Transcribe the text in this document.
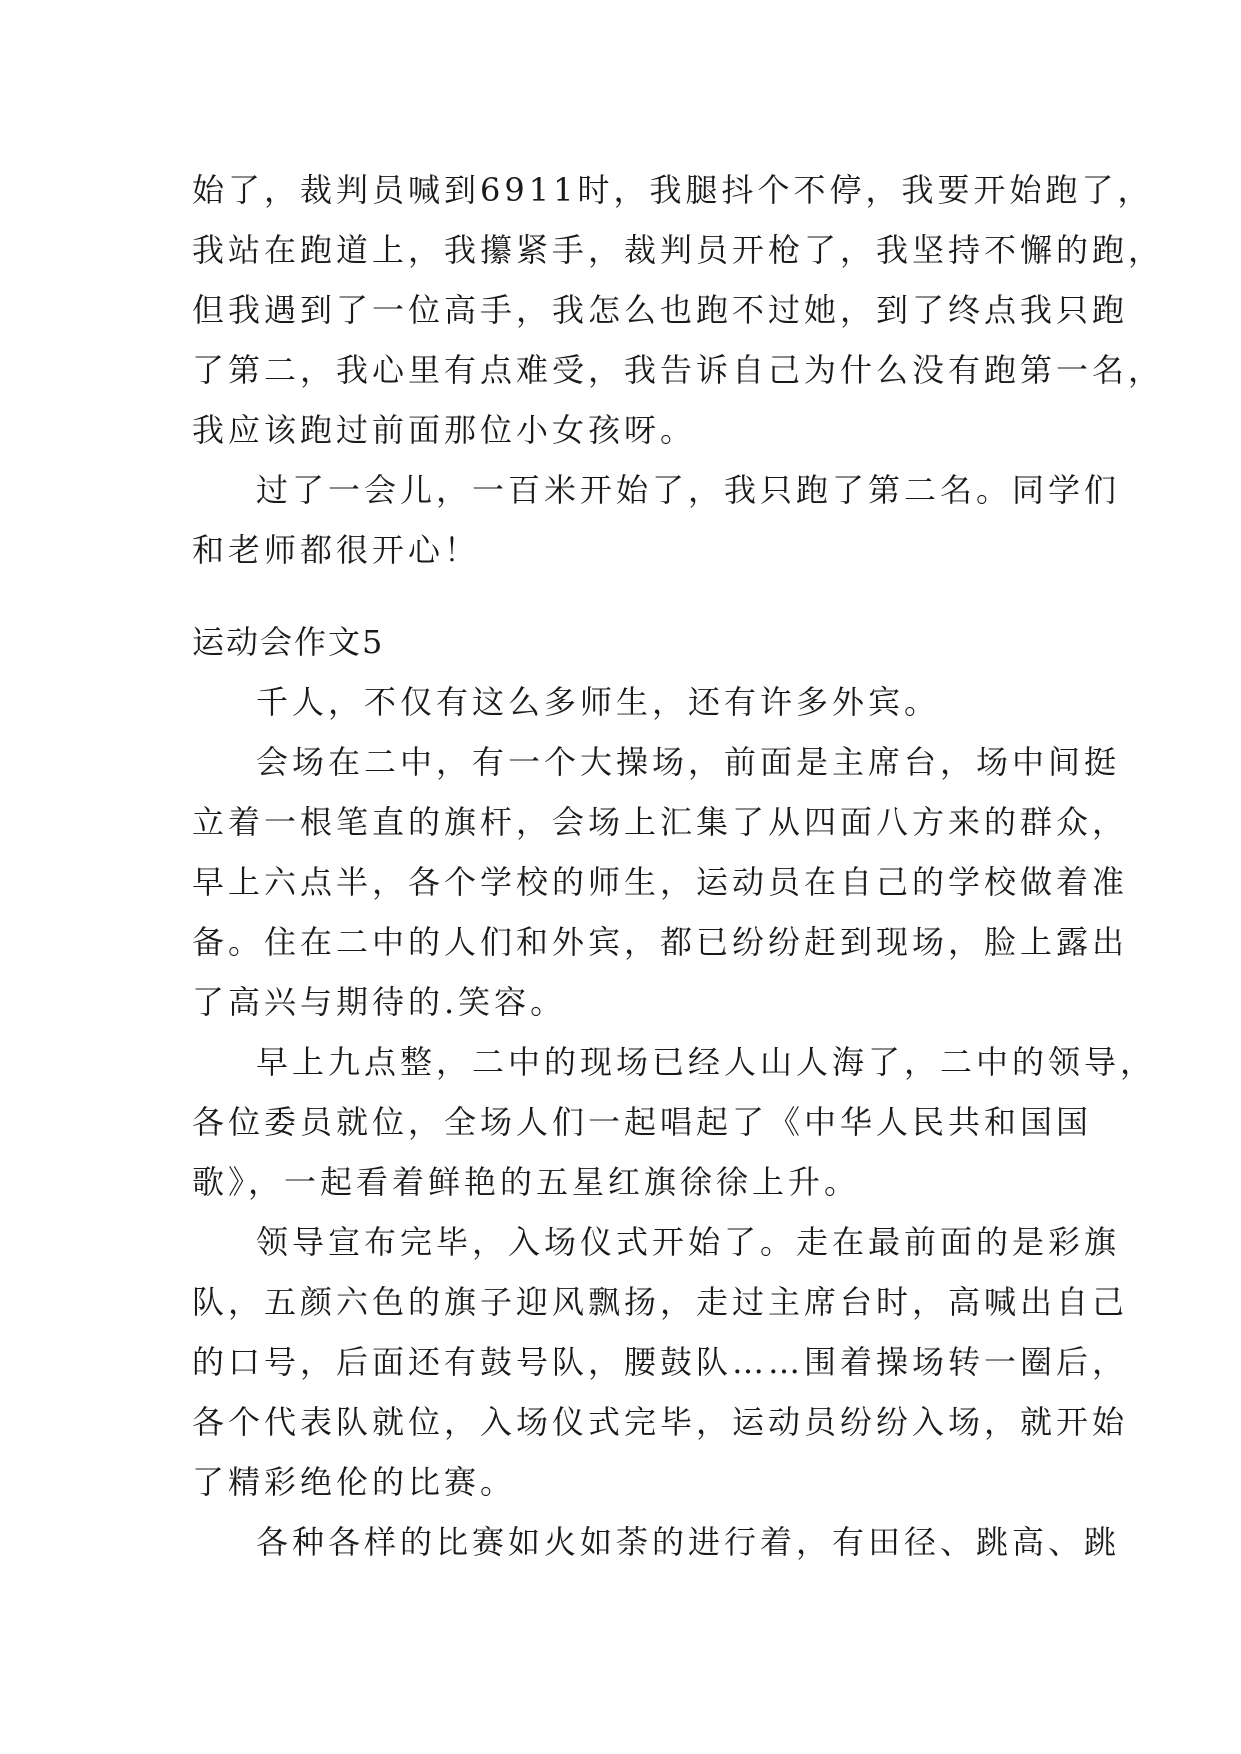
始了，裁判员喊到6911时，我腿抖个不停，我要开始跑了，
我站在跑道上，我攥紧手，裁判员开枪了，我坚持不懈的跑，
但我遇到了一位高手，我怎么也跑不过她，到了终点我只跑
了第二，我心里有点难受，我告诉自己为什么没有跑第一名，
我应该跑过前面那位小女孩呀。
过了一会儿，一百米开始了，我只跑了第二名。同学们
和老师都很开心！
运动会作文5
千人，不仅有这么多师生，还有许多外宾。
会场在二中，有一个大操场，前面是主席台，场中间挺
立着一根笔直的旗杆，会场上汇集了从四面八方来的群众，
早上六点半，各个学校的师生，运动员在自己的学校做着准
备。住在二中的人们和外宾，都已纷纷赶到现场，脸上露出
了高兴与期待的.笑容。
早上九点整，二中的现场已经人山人海了，二中的领导，
各位委员就位，全场人们一起唱起了《中华人民共和国国
歌》，一起看着鲜艳的五星红旗徐徐上升。
领导宣布完毕，入场仪式开始了。走在最前面的是彩旗
队，五颜六色的旗子迎风飘扬，走过主席台时，高喊出自己
的口号，后面还有鼓号队，腰鼓队……围着操场转一圈后，
各个代表队就位，入场仪式完毕，运动员纷纷入场，就开始
了精彩绝伦的比赛。
各种各样的比赛如火如荼的进行着，有田径、跳高、跳
